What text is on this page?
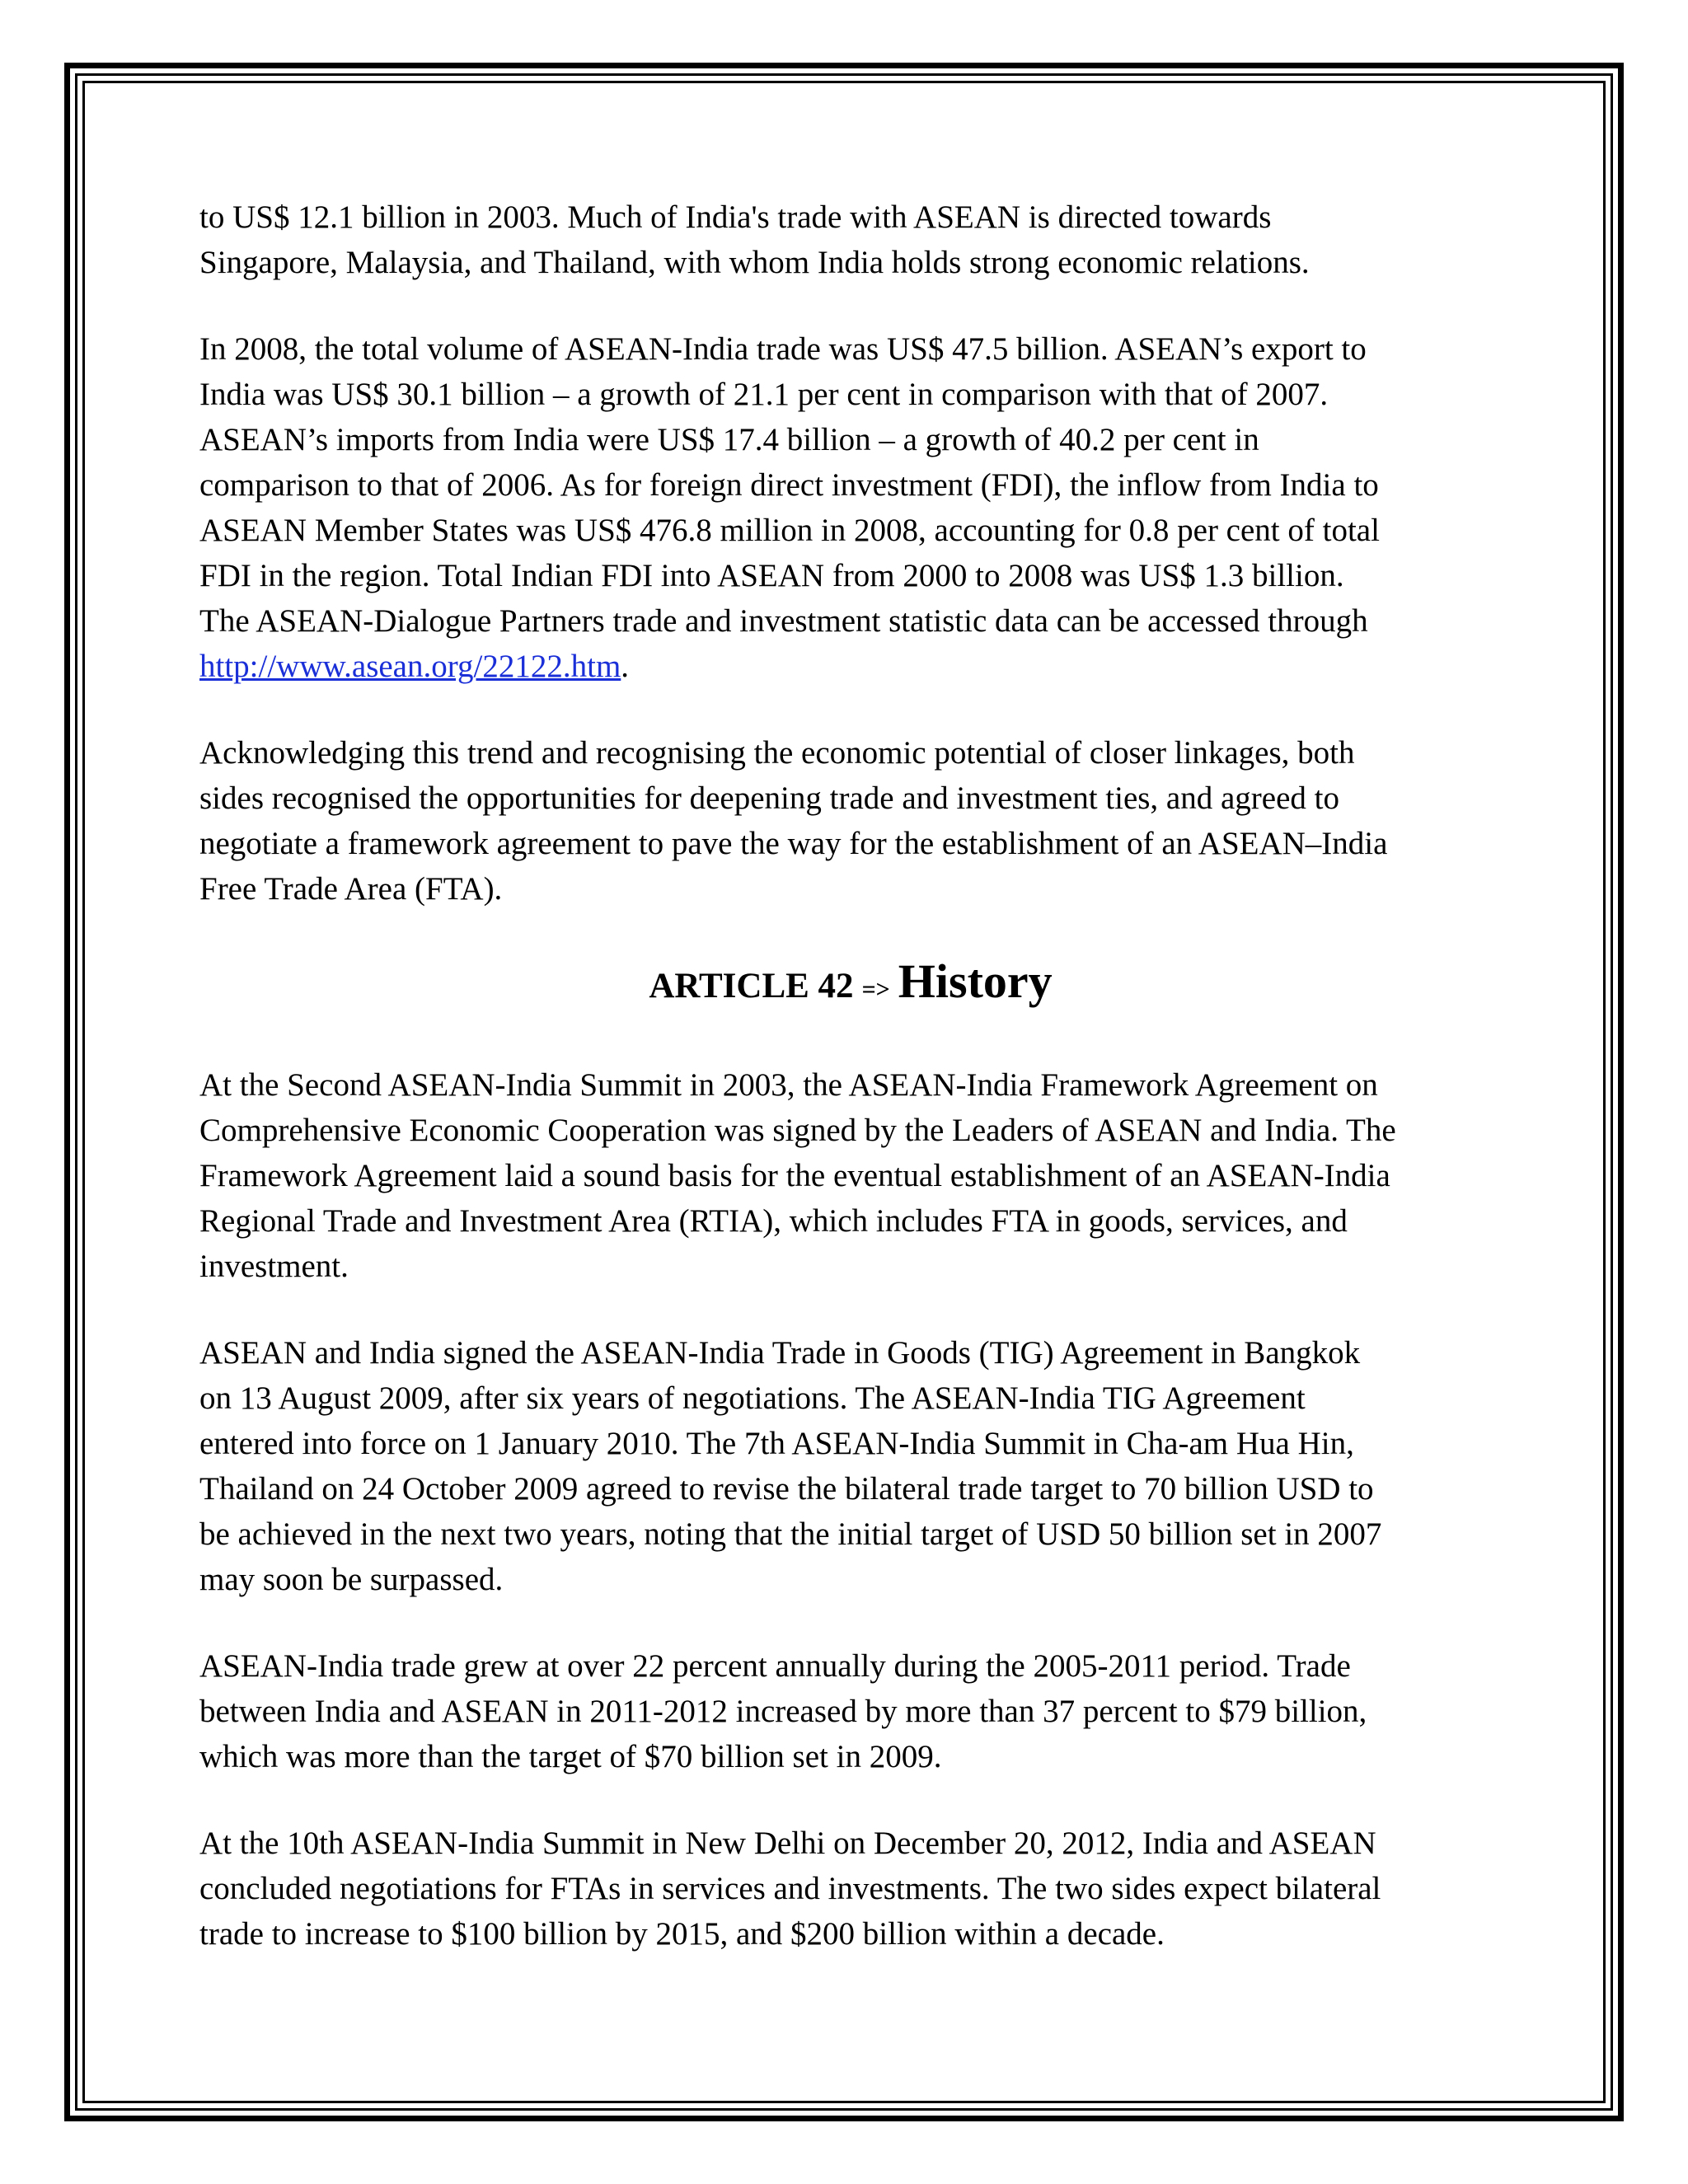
to US$ 12.1 billion in 2003. Much of India's trade with ASEAN is directed towards
Singapore, Malaysia, and Thailand, with whom India holds strong economic relations.

In 2008, the total volume of ASEAN-India trade was US$ 47.5 billion. ASEAN’s export to
India was US$ 30.1 billion – a growth of 21.1 per cent in comparison with that of 2007.
ASEAN’s imports from India were US$ 17.4 billion – a growth of 40.2 per cent in
comparison to that of 2006. As for foreign direct investment (FDI), the inflow from India to
ASEAN Member States was US$ 476.8 million in 2008, accounting for 0.8 per cent of total
FDI in the region. Total Indian FDI into ASEAN from 2000 to 2008 was US$ 1.3 billion.
The ASEAN-Dialogue Partners trade and investment statistic data can be accessed through
http://www.asean.org/22122.htm.

Acknowledging this trend and recognising the economic potential of closer linkages, both
sides recognised the opportunities for deepening trade and investment ties, and agreed to
negotiate a framework agreement to pave the way for the establishment of an ASEAN–India
Free Trade Area (FTA).

ARTICLE 42 => History

At the Second ASEAN-India Summit in 2003, the ASEAN-India Framework Agreement on
Comprehensive Economic Cooperation was signed by the Leaders of ASEAN and India. The
Framework Agreement laid a sound basis for the eventual establishment of an ASEAN-India
Regional Trade and Investment Area (RTIA), which includes FTA in goods, services, and
investment.

ASEAN and India signed the ASEAN-India Trade in Goods (TIG) Agreement in Bangkok
on 13 August 2009, after six years of negotiations. The ASEAN-India TIG Agreement
entered into force on 1 January 2010. The 7th ASEAN-India Summit in Cha-am Hua Hin,
Thailand on 24 October 2009 agreed to revise the bilateral trade target to 70 billion USD to
be achieved in the next two years, noting that the initial target of USD 50 billion set in 2007
may soon be surpassed.

ASEAN-India trade grew at over 22 percent annually during the 2005-2011 period. Trade
between India and ASEAN in 2011-2012 increased by more than 37 percent to $79 billion,
which was more than the target of $70 billion set in 2009.

At the 10th ASEAN-India Summit in New Delhi on December 20, 2012, India and ASEAN
concluded negotiations for FTAs in services and investments. The two sides expect bilateral
trade to increase to $100 billion by 2015, and $200 billion within a decade.
